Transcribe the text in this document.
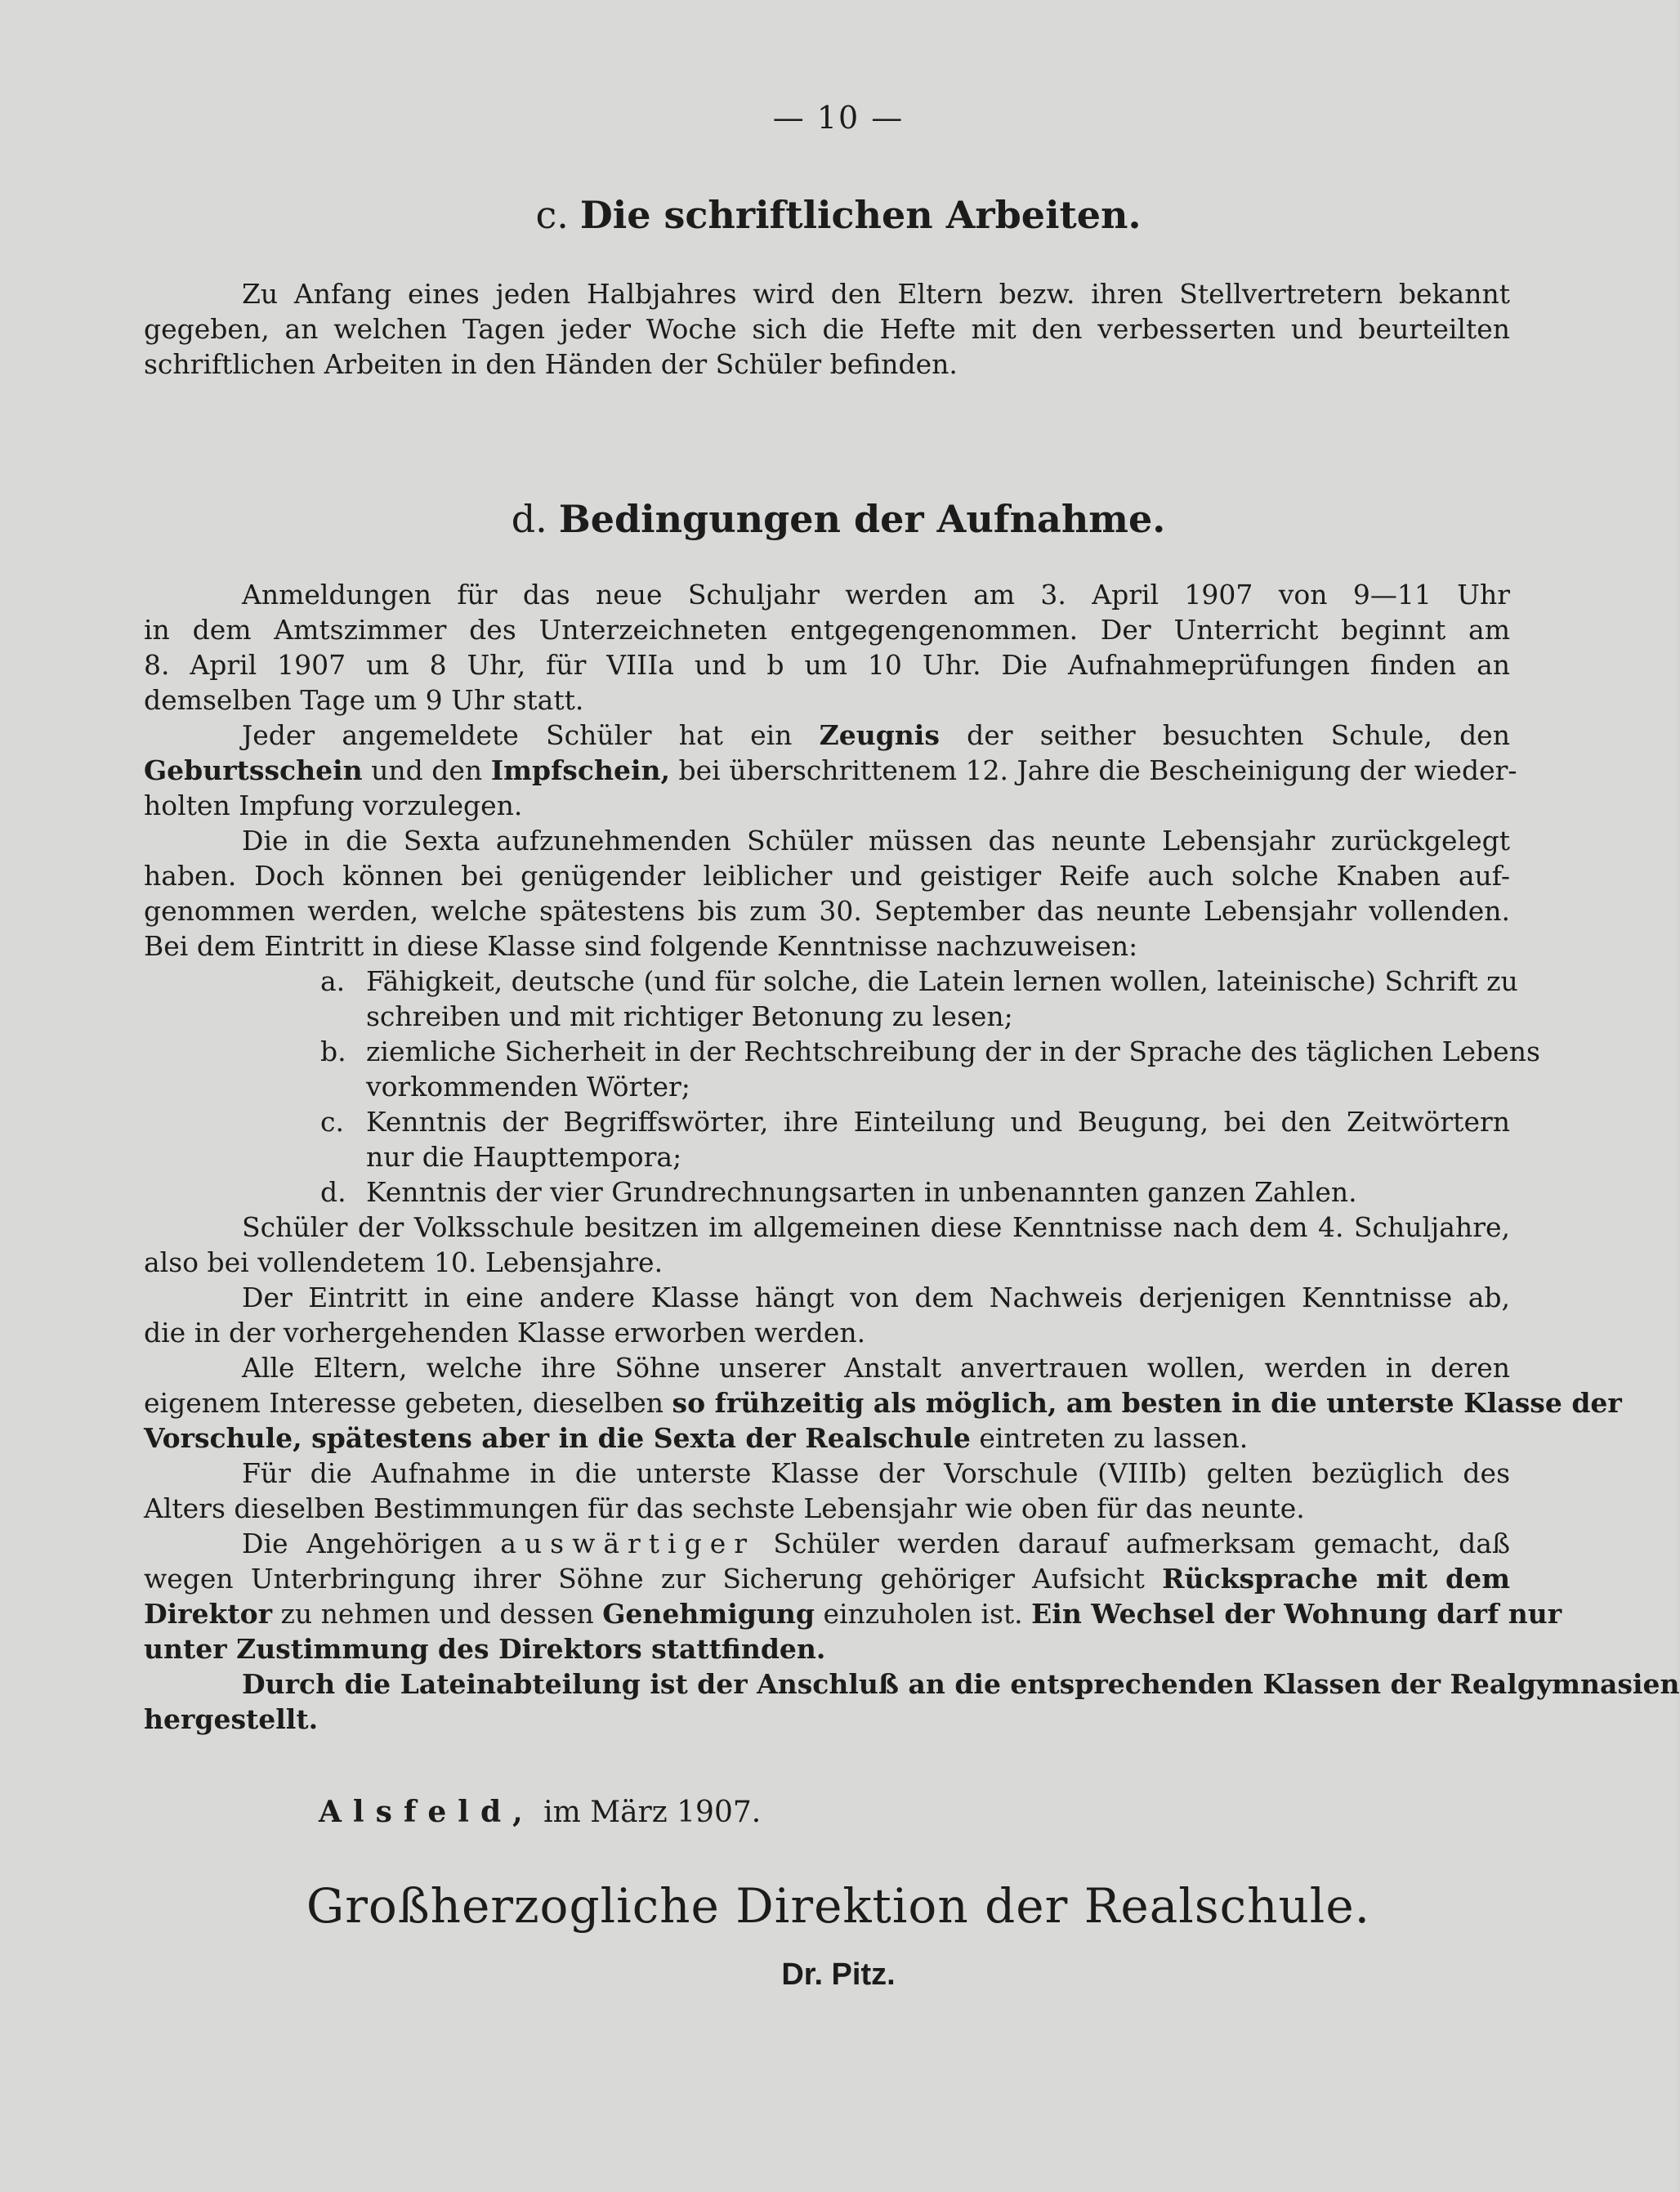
— 10 —
c. Die schriftlichen Arbeiten.
Zu Anfang eines jeden Halbjahres wird den Eltern bezw. ihren Stellvertretern bekannt
gegeben, an welchen Tagen jeder Woche sich die Hefte mit den verbesserten und beurteilten
schriftlichen Arbeiten in den Händen der Schüler befinden.
d. Bedingungen der Aufnahme.
Anmeldungen für das neue Schuljahr werden am 3. April 1907 von 9—11 Uhr
in dem Amtszimmer des Unterzeichneten entgegengenommen. Der Unterricht beginnt am
8. April 1907 um 8 Uhr, für VIIIa und b um 10 Uhr. Die Aufnahmeprüfungen finden an
demselben Tage um 9 Uhr statt.
Jeder angemeldete Schüler hat ein Zeugnis der seither besuchten Schule, den
Geburtsschein und den Impfschein, bei überschrittenem 12. Jahre die Bescheinigung der wieder-
holten Impfung vorzulegen.
Die in die Sexta aufzunehmenden Schüler müssen das neunte Lebensjahr zurückgelegt
haben. Doch können bei genügender leiblicher und geistiger Reife auch solche Knaben auf-
genommen werden, welche spätestens bis zum 30. September das neunte Lebensjahr vollenden.
Bei dem Eintritt in diese Klasse sind folgende Kenntnisse nachzuweisen:
a. Fähigkeit, deutsche (und für solche, die Latein lernen wollen, lateinische) Schrift zu
schreiben und mit richtiger Betonung zu lesen;
b. ziemliche Sicherheit in der Rechtschreibung der in der Sprache des täglichen Lebens
vorkommenden Wörter;
c. Kenntnis der Begriffswörter, ihre Einteilung und Beugung, bei den Zeitwörtern
nur die Haupttempora;
d. Kenntnis der vier Grundrechnungsarten in unbenannten ganzen Zahlen.
Schüler der Volksschule besitzen im allgemeinen diese Kenntnisse nach dem 4. Schuljahre,
also bei vollendetem 10. Lebensjahre.
Der Eintritt in eine andere Klasse hängt von dem Nachweis derjenigen Kenntnisse ab,
die in der vorhergehenden Klasse erworben werden.
Alle Eltern, welche ihre Söhne unserer Anstalt anvertrauen wollen, werden in deren
eigenem Interesse gebeten, dieselben so frühzeitig als möglich, am besten in die unterste Klasse der
Vorschule, spätestens aber in die Sexta der Realschule eintreten zu lassen.
Für die Aufnahme in die unterste Klasse der Vorschule (VIIIb) gelten bezüglich des
Alters dieselben Bestimmungen für das sechste Lebensjahr wie oben für das neunte.
Die Angehörigen auswärtiger Schüler werden darauf aufmerksam gemacht, daß
wegen Unterbringung ihrer Söhne zur Sicherung gehöriger Aufsicht Rücksprache mit dem
Direktor zu nehmen und dessen Genehmigung einzuholen ist. Ein Wechsel der Wohnung darf nur
unter Zustimmung des Direktors stattfinden.
Durch die Lateinabteilung ist der Anschluß an die entsprechenden Klassen der Realgymnasien
hergestellt.
Alsfeld, im März 1907.
Großherzogliche Direktion der Realschule.
Dr. Pitz.
